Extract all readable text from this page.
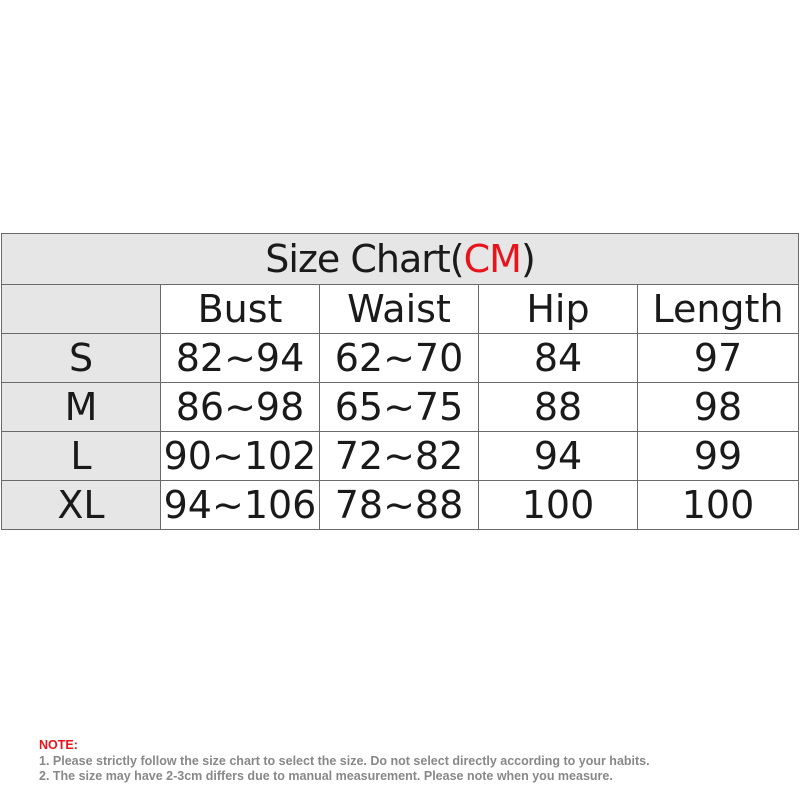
Size Chart(CM)				
	Bust	Waist	Hip	Length
S	82~94	62~70	84	97
M	86~98	65~75	88	98
L	90~102	72~82	94	99
XL	94~106	78~88	100	100

NOTE:

1. Please strictly follow the size chart to select the size. Do not select directly according to your habits.

2. The size may have 2-3cm differs due to manual measurement. Please note when you measure.
